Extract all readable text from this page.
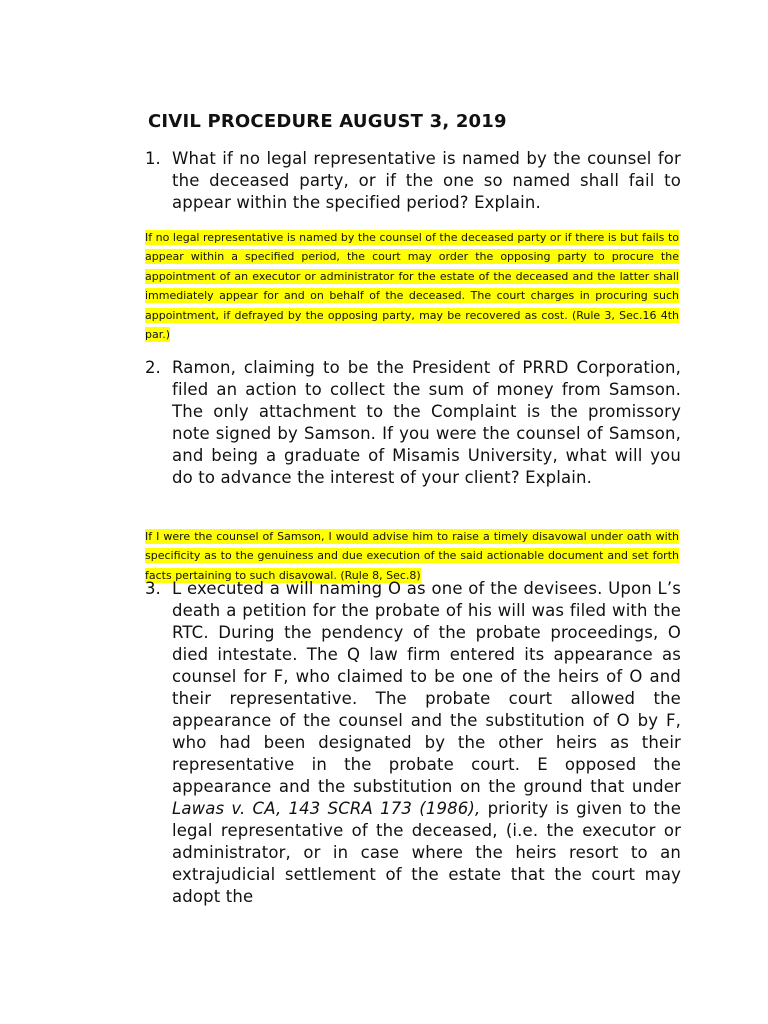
CIVIL PROCEDURE AUGUST 3, 2019
1. What if no legal representative is named by the counsel for the deceased party, or if the one so named shall fail to appear within the specified period? Explain.
If no legal representative is named by the counsel of the deceased party or if there is but fails to appear within a specified period, the court may order the opposing party to procure the appointment of an executor or administrator for the estate of the deceased and the latter shall immediately appear for and on behalf of the deceased. The court charges in procuring such appointment, if defrayed by the opposing party, may be recovered as cost. (Rule 3, Sec.16 4th par.)
2. Ramon, claiming to be the President of PRRD Corporation, filed an action to collect the sum of money from Samson. The only attachment to the Complaint is the promissory note signed by Samson. If you were the counsel of Samson, and being a graduate of Misamis University, what will you do to advance the interest of your client? Explain.
If I were the counsel of Samson, I would advise him to raise a timely disavowal under oath with specificity as to the genuiness and due execution of the said actionable document and set forth facts pertaining to such disavowal. (Rule 8, Sec.8)
3. L executed a will naming O as one of the devisees. Upon L’s death a petition for the probate of his will was filed with the RTC. During the pendency of the probate proceedings, O died intestate. The Q law firm entered its appearance as counsel for F, who claimed to be one of the heirs of O and their representative. The probate court allowed the appearance of the counsel and the substitution of O by F, who had been designated by the other heirs as their representative in the probate court. E opposed the appearance and the substitution on the ground that under Lawas v. CA, 143 SCRA 173 (1986), priority is given to the legal representative of the deceased, (i.e. the executor or administrator, or in case where the heirs resort to an extrajudicial settlement of the estate that the court may adopt the
